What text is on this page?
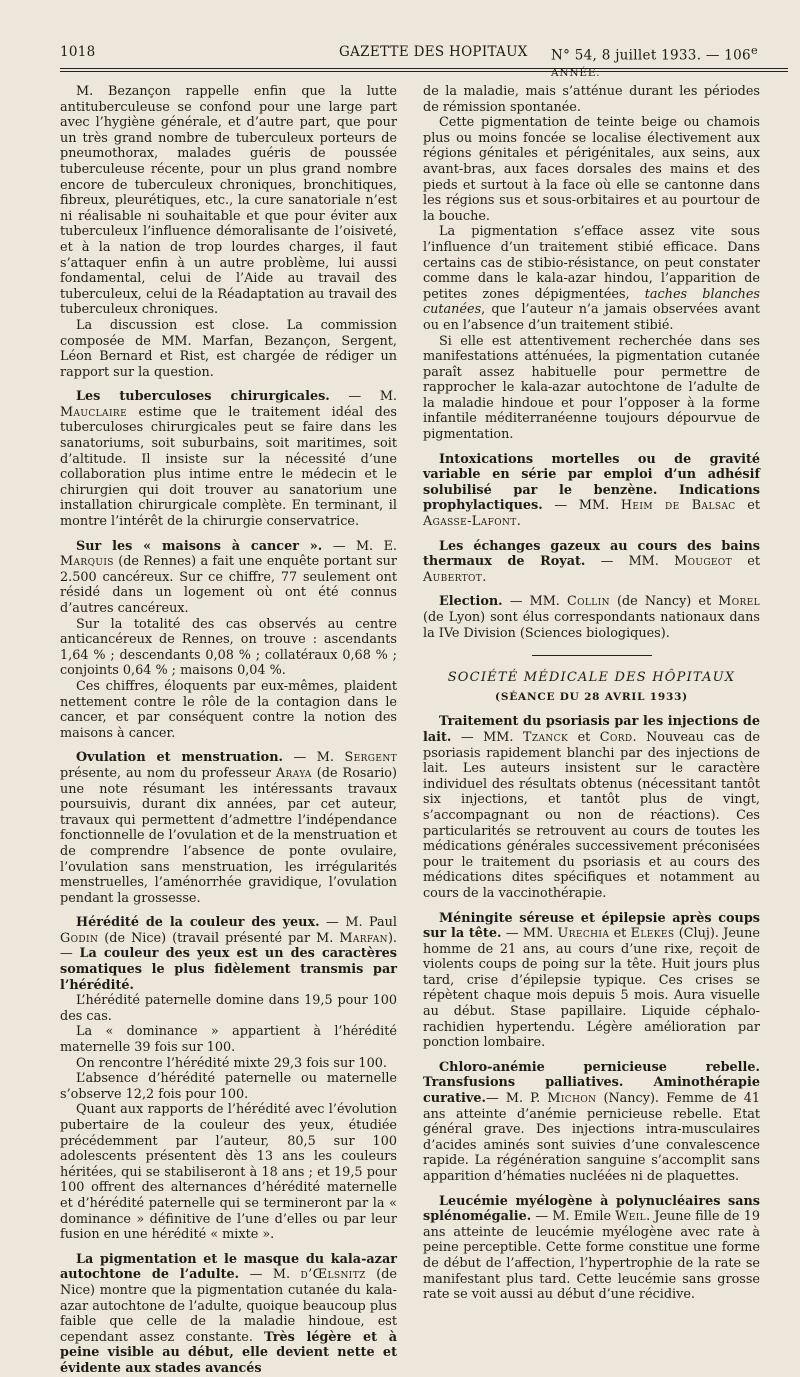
1018	GAZETTE DES HOPITAUX N° 54, 8 juillet 1933. — 106e ANNÉE.

M. Bezançon rappelle enfin que la lutte antituberculeuse se confond pour une large part avec l’hygiène générale, et d’autre part, que pour un très grand nombre de tuberculeux porteurs de pneumothorax, malades guéris de poussée tuberculeuse récente, pour un plus grand nombre encore de tuberculeux chroniques, bronchitiques, fibreux, pleurétiques, etc., la cure sanatoriale n’est ni réalisable ni souhaitable et que pour éviter aux tuberculeux l’influence démoralisante de l’oisiveté, et à la nation de trop lourdes charges, il faut s’attaquer enfin à un autre problème, lui aussi fondamental, celui de l’Aide au travail des tuberculeux, celui de la Réadaptation au travail des tuberculeux chroniques.

La discussion est close. La commission composée de MM. Marfan, Bezançon, Sergent, Léon Bernard et Rist, est chargée de rédiger un rapport sur la question.

Les tuberculoses chirurgicales. — M. Mauclaire estime que le traitement idéal des tuberculoses chirurgicales peut se faire dans les sanatoriums, soit suburbains, soit maritimes, soit d’altitude. Il insiste sur la nécessité d’une collaboration plus intime entre le médecin et le chirurgien qui doit trouver au sanatorium une installation chirurgicale complète. En terminant, il montre l’intérêt de la chirurgie conservatrice.

Sur les « maisons à cancer ». — M. E. Marquis (de Rennes) a fait une enquête portant sur 2.500 cancéreux. Sur ce chiffre, 77 seulement ont résidé dans un logement où ont été connus d’autres cancéreux.

Sur la totalité des cas observés au centre anticancéreux de Rennes, on trouve : ascendants 1,64 % ; descendants 0,08 % ; collatéraux 0,68 % ; conjoints 0,64 % ; maisons 0,04 %.

Ces chiffres, éloquents par eux-mêmes, plaident nettement contre le rôle de la contagion dans le cancer, et par conséquent contre la notion des maisons à cancer.

Ovulation et menstruation. — M. Sergent présente, au nom du professeur Araya (de Rosario) une note résumant les intéressants travaux poursuivis, durant dix années, par cet auteur, travaux qui permettent d’admettre l’indépendance fonctionnelle de l’ovulation et de la menstruation et de comprendre l’absence de ponte ovulaire, l’ovulation sans menstruation, les irrégularités menstruelles, l’aménorrhée gravidique, l’ovulation pendant la grossesse.

Hérédité de la couleur des yeux. — M. Paul Godin (de Nice) (travail présenté par M. Marfan). — La couleur des yeux est un des caractères somatiques le plus fidèlement transmis par l’hérédité.

L’hérédité paternelle domine dans 19,5 pour 100 des cas.

La « dominance » appartient à l’hérédité maternelle 39 fois sur 100.

On rencontre l’hérédité mixte 29,3 fois sur 100.

L’absence d’hérédité paternelle ou maternelle s’observe 12,2 fois pour 100.

Quant aux rapports de l’hérédité avec l’évolution pubertaire de la couleur des yeux, étudiée précédemment par l’auteur, 80,5 sur 100 adolescents présentent dès 13 ans les couleurs héritées, qui se stabiliseront à 18 ans ; et 19,5 pour 100 offrent des alternances d’hérédité maternelle et d’hérédité paternelle qui se termineront par la « dominance » définitive de l’une d’elles ou par leur fusion en une hérédité « mixte ».

La pigmentation et le masque du kala-azar autochtone de l’adulte. — M. d’Œlsnitz (de Nice) montre que la pigmentation cutanée du kala-azar autochtone de l’adulte, quoique beaucoup plus faible que celle de la maladie hindoue, est cependant assez constante. Très légère et à peine visible au début, elle devient nette et évidente aux stades avancés

de la maladie, mais s’atténue durant les périodes de rémission spontanée.

Cette pigmentation de teinte beige ou chamois plus ou moins foncée se localise électivement aux régions génitales et périgénitales, aux seins, aux avant-bras, aux faces dorsales des mains et des pieds et surtout à la face où elle se cantonne dans les régions sus et sous-orbitaires et au pourtour de la bouche.

La pigmentation s’efface assez vite sous l’influence d’un traitement stibié efficace. Dans certains cas de stibio-résistance, on peut constater comme dans le kala-azar hindou, l’apparition de petites zones dépigmentées, taches blanches cutanées, que l’auteur n’a jamais observées avant ou en l’absence d’un traitement stibié.

Si elle est attentivement recherchée dans ses manifestations atténuées, la pigmentation cutanée paraît assez habituelle pour permettre de rapprocher le kala-azar autochtone de l’adulte de la maladie hindoue et pour l’opposer à la forme infantile méditerranéenne toujours dépourvue de pigmentation.

Intoxications mortelles ou de gravité variable en série par emploi d’un adhésif solubilisé par le benzène. Indications prophylactiques. — MM. Heim de Balsac et Agasse-Lafont.

Les échanges gazeux au cours des bains thermaux de Royat. — MM. Mougeot et Aubertot.

Election. — MM. Collin (de Nancy) et Morel (de Lyon) sont élus correspondants nationaux dans la IVe Division (Sciences biologiques).

SOCIÉTÉ MÉDICALE DES HÔPITAUX
(SÉANCE DU 28 AVRIL 1933)

Traitement du psoriasis par les injections de lait. — MM. Tzanck et Cord. Nouveau cas de psoriasis rapidement blanchi par des injections de lait. Les auteurs insistent sur le caractère individuel des résultats obtenus (nécessitant tantôt six injections, et tantôt plus de vingt, s’accompagnant ou non de réactions). Ces particularités se retrouvent au cours de toutes les médications générales successivement préconisées pour le traitement du psoriasis et au cours des médications dites spécifiques et notamment au cours de la vaccinothérapie.

Méningite séreuse et épilepsie après coups sur la tête. — MM. Urechia et Elekes (Cluj). Jeune homme de 21 ans, au cours d’une rixe, reçoit de violents coups de poing sur la tête. Huit jours plus tard, crise d’épilepsie typique. Ces crises se répètent chaque mois depuis 5 mois. Aura visuelle au début. Stase papillaire. Liquide céphalo-rachidien hypertendu. Légère amélioration par ponction lombaire.

Chloro-anémie pernicieuse rebelle. Transfusions palliatives. Aminothérapie curative.— M. P. Michon (Nancy). Femme de 41 ans atteinte d’anémie pernicieuse rebelle. Etat général grave. Des injections intra-musculaires d’acides aminés sont suivies d’une convalescence rapide. La régénération sanguine s’accomplit sans apparition d’hématies nucléées ni de plaquettes.

Leucémie myélogène à polynucléaires sans splénomégalie. — M. Emile Weil. Jeune fille de 19 ans atteinte de leucémie myélogène avec rate à peine perceptible. Cette forme constitue une forme de début de l’affection, l’hypertrophie de la rate se manifestant plus tard. Cette leucémie sans grosse rate se voit aussi au début d’une récidive.
